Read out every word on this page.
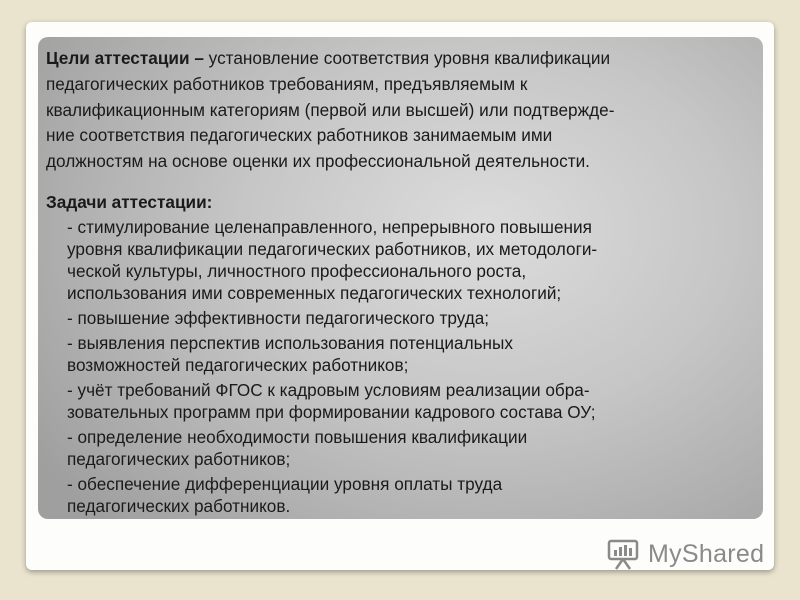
Цели аттестации – установление соответствия уровня квалификации
педагогических работников требованиям, предъявляемым к
квалификационным категориям (первой или высшей) или подтвержде-
ние соответствия педагогических работников занимаемым ими
должностям на основе оценки их профессиональной деятельности.

Задачи аттестации:
- стимулирование целенаправленного, непрерывного повышения
уровня квалификации педагогических работников, их методологи-
ческой культуры, личностного профессионального роста,
использования ими современных педагогических технологий;
- повышение эффективности педагогического труда;
- выявления перспектив использования потенциальных
возможностей педагогических работников;
- учёт требований ФГОС к кадровым условиям реализации обра-
зовательных программ при формировании кадрового состава ОУ;
- определение необходимости повышения квалификации
педагогических работников;
- обеспечение дифференциации уровня оплаты труда
педагогических работников.
MyShared
